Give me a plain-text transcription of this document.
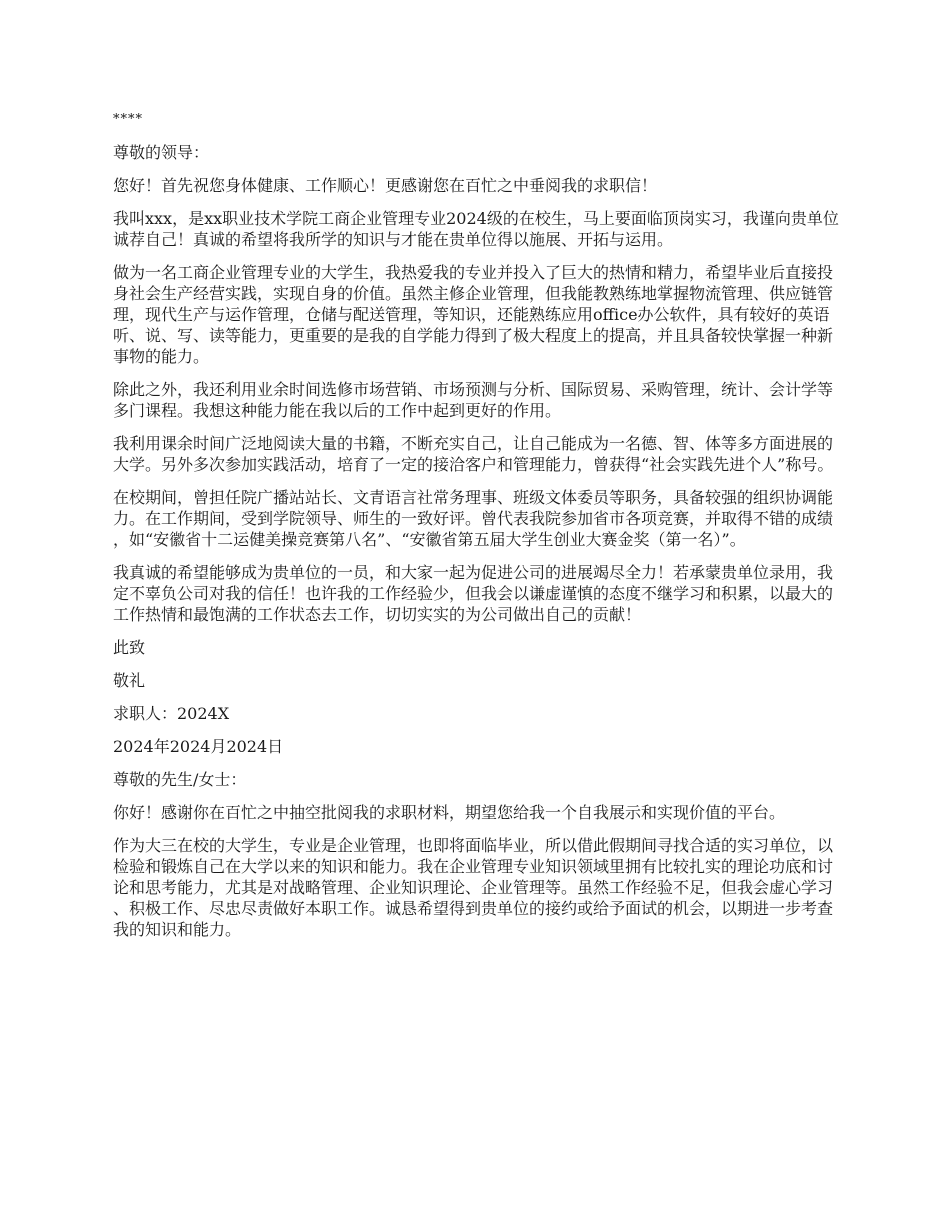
****

尊敬的领导：

您好！首先祝您身体健康、工作顺心！更感谢您在百忙之中垂阅我的求职信！

我叫xxx，是xx职业技术学院工商企业管理专业2024级的在校生，马上要面临顶岗实习，我谨向贵单位诚荐自己！真诚的希望将我所学的知识与才能在贵单位得以施展、开拓与运用。

做为一名工商企业管理专业的大学生，我热爱我的专业并投入了巨大的热情和精力，希望毕业后直接投身社会生产经营实践，实现自身的价值。虽然主修企业管理，但我能教熟练地掌握物流管理、供应链管理，现代生产与运作管理，仓储与配送管理，等知识，还能熟练应用office办公软件，具有较好的英语听、说、写、读等能力，更重要的是我的自学能力得到了极大程度上的提高，并且具备较快掌握一种新事物的能力。

除此之外，我还利用业余时间选修市场营销、市场预测与分析、国际贸易、采购管理，统计、会计学等多门课程。我想这种能力能在我以后的工作中起到更好的作用。

我利用课余时间广泛地阅读大量的书籍，不断充实自己，让自己能成为一名德、智、体等多方面进展的大学。另外多次参加实践活动，培育了一定的接洽客户和管理能力，曾获得“社会实践先进个人”称号。

在校期间，曾担任院广播站站长、文青语言社常务理事、班级文体委员等职务，具备较强的组织协调能力。在工作期间，受到学院领导、师生的一致好评。曾代表我院参加省市各项竞赛，并取得不错的成绩，如“安徽省十二运健美操竞赛第八名”、“安徽省第五届大学生创业大赛金奖（第一名）”。

我真诚的希望能够成为贵单位的一员，和大家一起为促进公司的进展竭尽全力！若承蒙贵单位录用，我定不辜负公司对我的信任！也许我的工作经验少，但我会以谦虚谨慎的态度不继学习和积累，以最大的工作热情和最饱满的工作状态去工作，切切实实的为公司做出自己的贡献！

此致

敬礼

求职人：2024X

2024年2024月2024日

尊敬的先生/女士：

你好！感谢你在百忙之中抽空批阅我的求职材料，期望您给我一个自我展示和实现价值的平台。

作为大三在校的大学生，专业是企业管理，也即将面临毕业，所以借此假期间寻找合适的实习单位，以检验和锻炼自己在大学以来的知识和能力。我在企业管理专业知识领域里拥有比较扎实的理论功底和讨论和思考能力，尤其是对战略管理、企业知识理论、企业管理等。虽然工作经验不足，但我会虚心学习、积极工作、尽忠尽责做好本职工作。诚恳希望得到贵单位的接约或给予面试的机会，以期进一步考查我的知识和能力。
